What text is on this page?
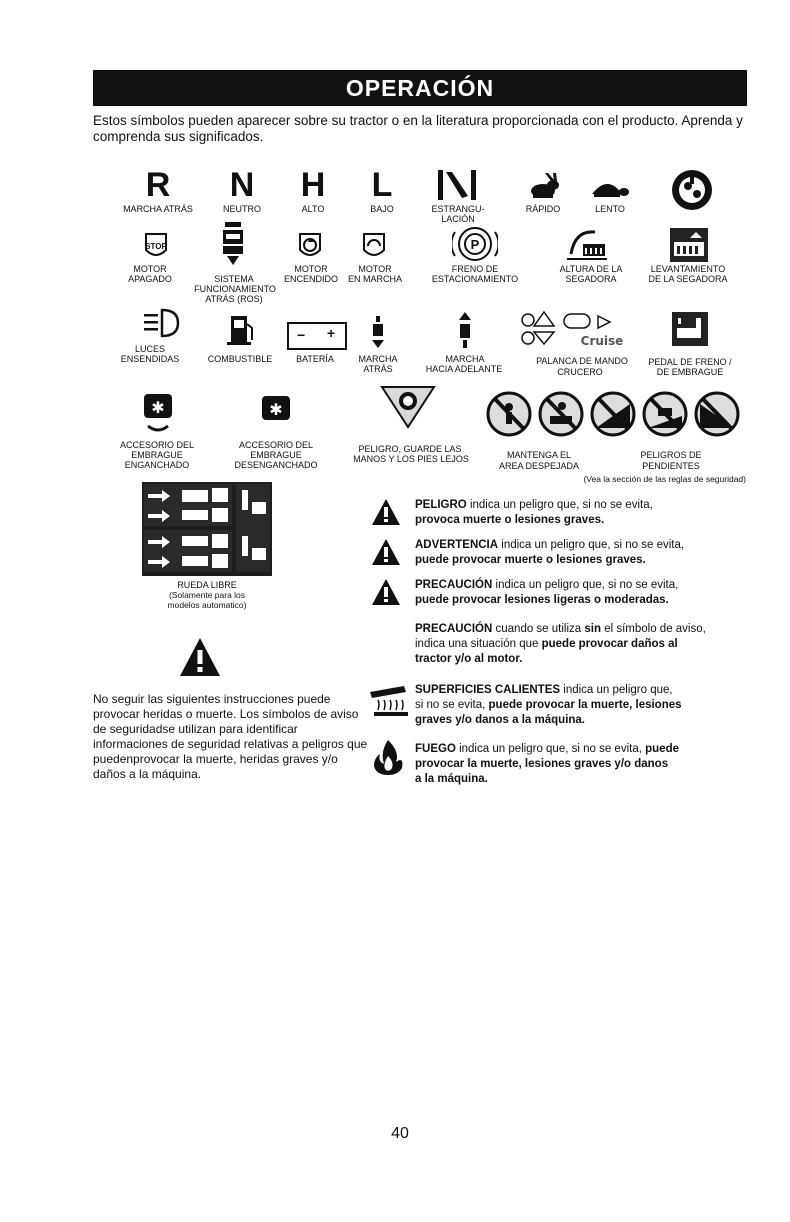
OPERACIÓN
Estos símbolos pueden aparecer sobre su tractor o en la literatura proporcionada con el producto. Aprenda y comprenda sus significados.
R
MARCHA ATRÁS
N
NEUTRO
H
ALTO
L
BAJO	ESTRANGU-
LACIÓN
RÁPIDO	LENTO
STOP
MOTOR
APAGADO	SISTEMA
FUNCIONAMIENTO
ATRÁS (ROS)
MOTOR
ENCENDIDO
MOTOR
EN MARCHA
P
FRENO DE
ESTACIONAMIENTO
ALTURA DE LA
SEGADORA
LEVANTAMIENTO
DE LA SEGADORA
LUCES
ENSENDIDAS	COMBUSTIBLE
− +
BATERÍA	MARCHA
ATRÁS
MARCHA
HACIA ADELANTE
Cruise
PALANCA DE MANDO
CRUCERO
PEDAL DE FRENO /
DE EMBRAGUE
✱
ACCESORIO DEL
EMBRAGUE
ENGANCHADO
✱
ACCESORIO DEL
EMBRAGUE
DESENGANCHADO
PELIGRO, GUARDE LAS
MANOS Y LOS PIES LEJOS	MANTENGA EL
AREA DESPEJADA
PELIGROS DE
PENDIENTES
(Vea la sección de las reglas de seguridad)
RUEDA LIBRE
(Solamente para los
modelos automatico)
No seguir las siguientes instrucciones puede provocar heridas o muerte. Los símbolos de aviso de seguridadse utilizan para identificar informaciones de seguridad relativas a peligros que puedenprovocar la muerte, heridas graves y/o daños a la máquina.
PELIGRO indica un peligro que, si no se evita,
provoca muerte o lesiones graves.
ADVERTENCIA indica un peligro que, si no se evita,
puede provocar muerte o lesiones graves.
PRECAUCIÓN indica un peligro que, si no se evita,
puede provocar lesiones ligeras o moderadas.
PRECAUCIÓN cuando se utiliza sin el símbolo de aviso,
indica una situación que puede provocar daños al
tractor y/o al motor.
SUPERFICIES CALIENTES indica un peligro que,
si no se evita, puede provocar la muerte, lesiones
graves y/o danos a la máquina.
FUEGO indica un peligro que, si no se evita, puede
provocar la muerte, lesiones graves y/o danos
a la máquina.
40
